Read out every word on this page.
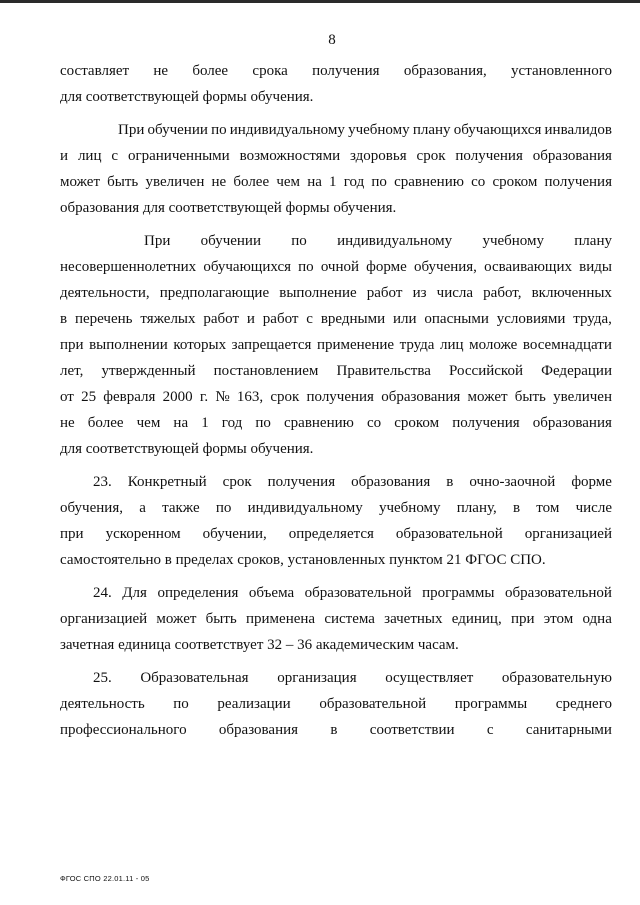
8
составляет не более срока получения образования, установленного
для соответствующей формы обучения.
При обучении по индивидуальному учебному плану обучающихся инвалидов
и лиц с ограниченными возможностями здоровья срок получения образования
может быть увеличен не более чем на 1 год по сравнению со сроком получения
образования для соответствующей формы обучения.
При обучении по индивидуальному учебному плану
несовершеннолетних обучающихся по очной форме обучения, осваивающих виды
деятельности, предполагающие выполнение работ из числа работ, включенных
в перечень тяжелых работ и работ с вредными или опасными условиями труда,
при выполнении которых запрещается применение труда лиц моложе восемнадцати
лет, утвержденный постановлением Правительства Российской Федерации
от 25 февраля 2000 г. № 163, срок получения образования может быть увеличен
не более чем на 1 год по сравнению со сроком получения образования
для соответствующей формы обучения.
23. Конкретный срок получения образования в очно-заочной форме
обучения, а также по индивидуальному учебному плану, в том числе
при ускоренном обучении, определяется образовательной организацией
самостоятельно в пределах сроков, установленных пунктом 21 ФГОС СПО.
24. Для определения объема образовательной программы образовательной
организацией может быть применена система зачетных единиц, при этом одна
зачетная единица соответствует 32 – 36 академическим часам.
25. Образовательная организация осуществляет образовательную
деятельность по реализации образовательной программы среднего
профессионального образования в соответствии с санитарными
ФГОС СПО 22.01.11 - 05
